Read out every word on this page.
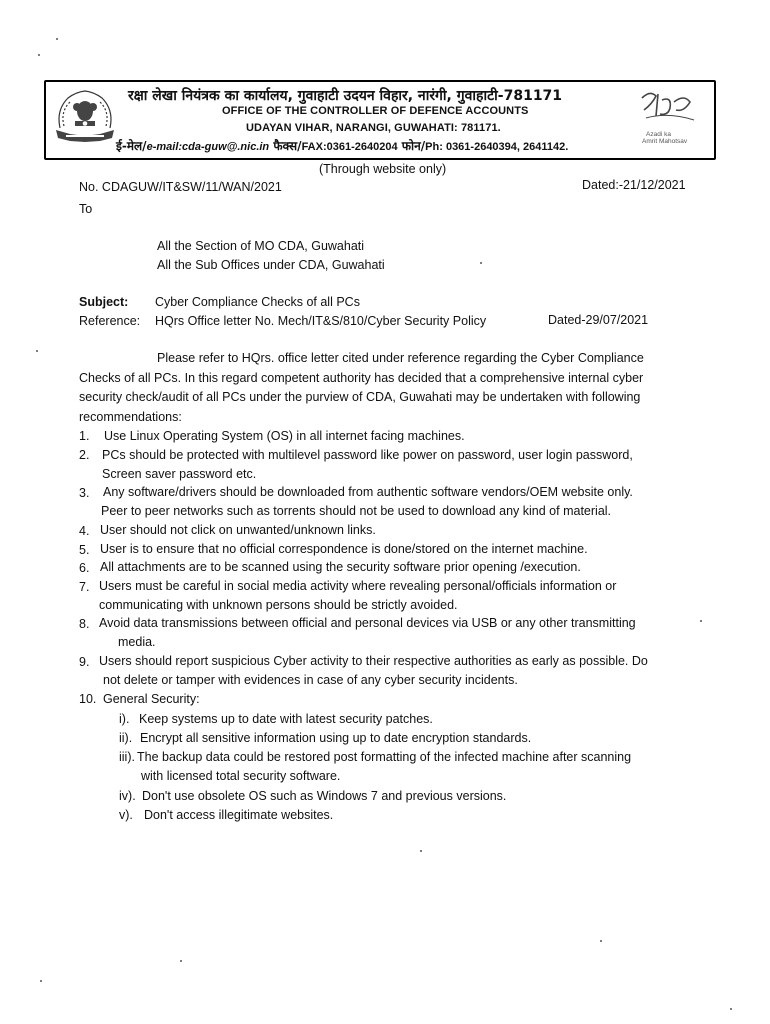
रक्षा लेखा नियंत्रक का कार्यालय, गुवाहाटी उदयन विहार, नारंगी, गुवाहाटी-781171
OFFICE OF THE CONTROLLER OF DEFENCE ACCOUNTS
UDAYAN VIHAR, NARANGI, GUWAHATI: 781171.
ई-मेल/e-mail:cda-guw@.nic.in फैक्स/FAX:0361-2640204 फोन/Ph: 0361-2640394, 2641142.
Azadi ka
Amrit Mahotsav
(Through website only)
No. CDAGUW/IT&SW/11/WAN/2021	Dated:-21/12/2021
To
All the Section of MO CDA, Guwahati
All the Sub Offices under CDA, Guwahati
Subject: Cyber Compliance Checks of all PCs
Reference: HQrs Office letter No. Mech/IT&S/810/Cyber Security Policy	Dated-29/07/2021
Please refer to HQrs. office letter cited under reference regarding the Cyber Compliance
Checks of all PCs. In this regard competent authority has decided that a comprehensive internal cyber
security check/audit of all PCs under the purview of CDA, Guwahati may be undertaken with following
recommendations:
1. Use Linux Operating System (OS) in all internet facing machines.
2. PCs should be protected with multilevel password like power on password, user login password,
Screen saver password etc.
3. Any software/drivers should be downloaded from authentic software vendors/OEM website only.
Peer to peer networks such as torrents should not be used to download any kind of material.
4. User should not click on unwanted/unknown links.
5. User is to ensure that no official correspondence is done/stored on the internet machine.
6. All attachments are to be scanned using the security software prior opening /execution.
7. Users must be careful in social media activity where revealing personal/officials information or
communicating with unknown persons should be strictly avoided.
8. Avoid data transmissions between official and personal devices via USB or any other transmitting
media.
9. Users should report suspicious Cyber activity to their respective authorities as early as possible. Do
not delete or tamper with evidences in case of any cyber security incidents.
10. General Security:
i). Keep systems up to date with latest security patches.
ii). Encrypt all sensitive information using up to date encryption standards.
iii). The backup data could be restored post formatting of the infected machine after scanning
with licensed total security software.
iv). Don't use obsolete OS such as Windows 7 and previous versions.
v). Don't access illegitimate websites.
